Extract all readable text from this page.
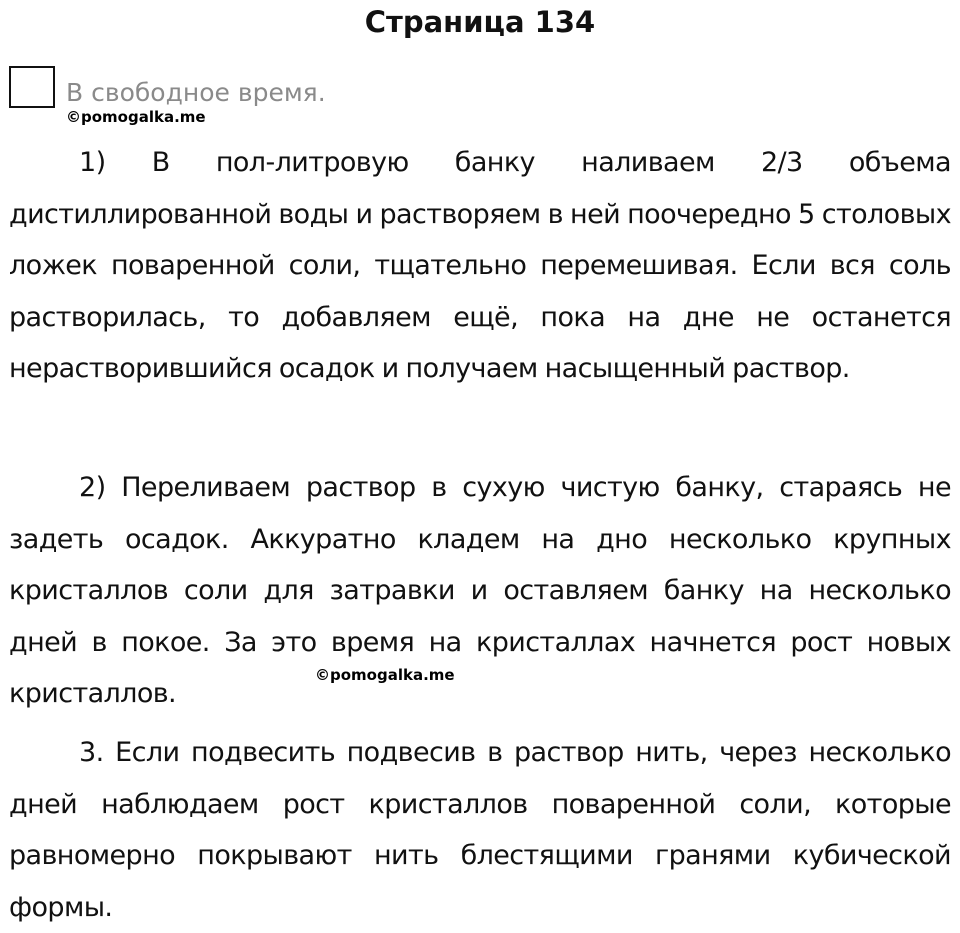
Страница 134
В свободное время.
©pomogalka.me

1) В пол-литровую банку наливаем 2/3 объема дистиллированной воды и растворяем в ней поочередно 5 столовых ложек поваренной соли, тщательно перемешивая. Если вся соль растворилась, то добавляем ещё, пока на дне не останется нерастворившийся осадок и получаем насыщенный раствор.

2) Переливаем раствор в сухую чистую банку, стараясь не задеть осадок. Аккуратно кладем на дно несколько крупных кристаллов соли для затравки и оставляем банку на несколько дней в покое. За это время на кристаллах начнется рост новых кристаллов.

3. Если подвесить подвесив в раствор нить, через несколько дней наблюдаем рост кристаллов поваренной соли, которые равномерно покрывают нить блестящими гранями кубической формы.

©pomogalka.me
